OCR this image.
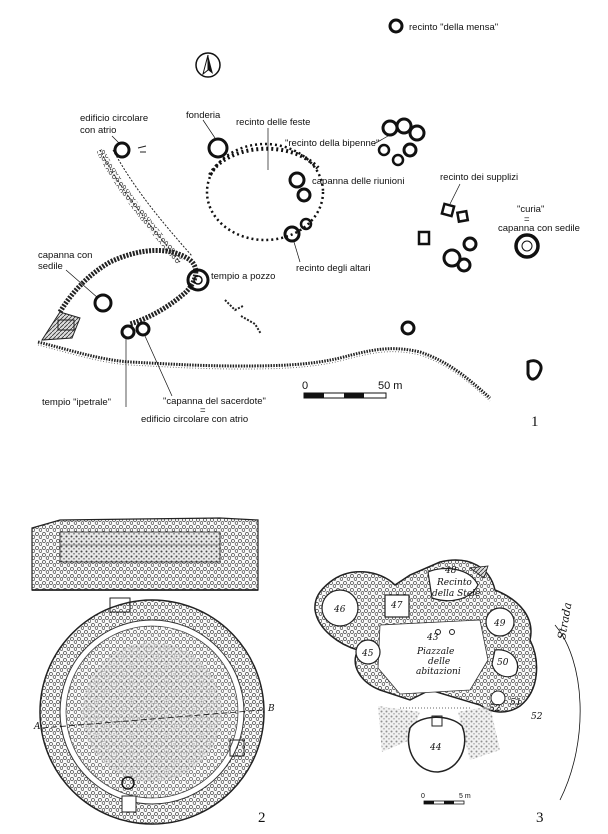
recinto "della mensa"
fonderia
recinto delle feste
"recinto della bipenne"
capanna delle riunioni
recinto degli altari
recinto dei supplizi
"curia"
=
capanna con sedile
edificio circolare
con atrio
capanna con
sedile
tempio a pozzo
tempio "ipetrale"	"capanna del sacerdote"
=
edificio circolare con atrio
0	50 m
1
A
B
2
48
Recinto
della Stele
46	47
49
43
45	Piazzale
delle
abitazioni
50
51
52
52
44
Strada
0	5 m
3
